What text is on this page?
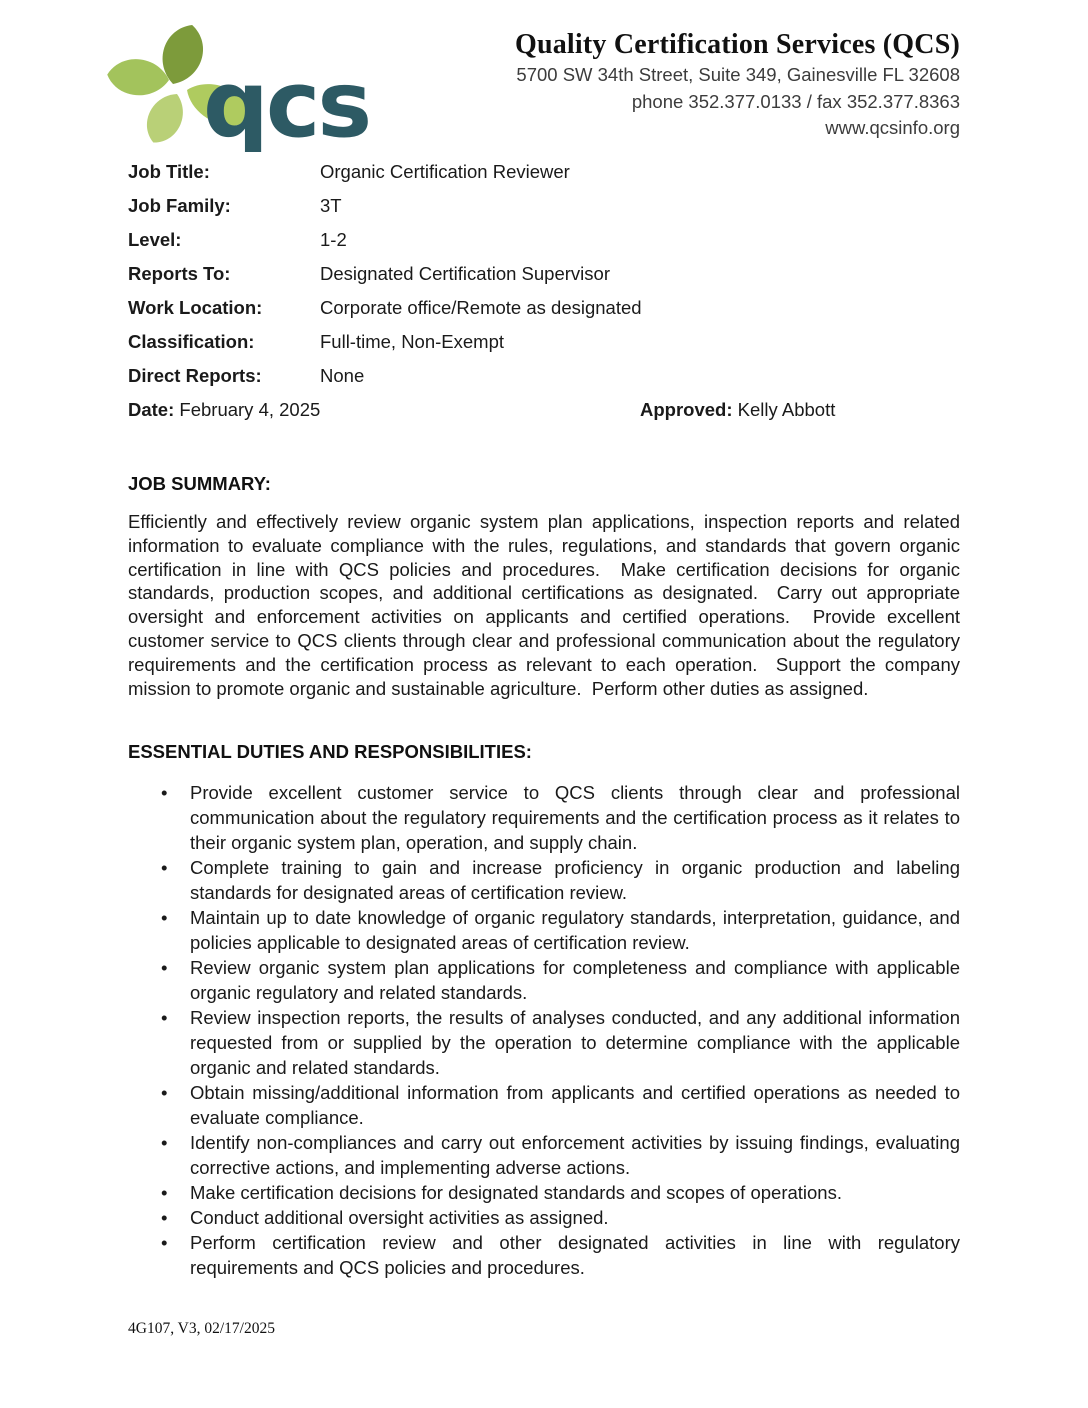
qcs
Quality Certification Services (QCS)
5700 SW 34th Street, Suite 349, Gainesville FL 32608
phone 352.377.0133 / fax 352.377.8363
www.qcsinfo.org
Job Title:	Organic Certification Reviewer
Job Family:	3T
Level:	1-2
Reports To:	Designated Certification Supervisor
Work Location:	Corporate office/Remote as designated
Classification:	Full-time, Non-Exempt
Direct Reports:	None
Date: February 4, 2025	Approved: Kelly Abbott
JOB SUMMARY:
Efficiently and effectively review organic system plan applications, inspection reports and related information to evaluate compliance with the rules, regulations, and standards that govern organic certification in line with QCS policies and procedures.  Make certification decisions for organic standards, production scopes, and additional certifications as designated.  Carry out appropriate oversight and enforcement activities on applicants and certified operations.  Provide excellent customer service to QCS clients through clear and professional communication about the regulatory requirements and the certification process as relevant to each operation.  Support the company mission to promote organic and sustainable agriculture.  Perform other duties as assigned.
ESSENTIAL DUTIES AND RESPONSIBILITIES:
• Provide excellent customer service to QCS clients through clear and professional communication about the regulatory requirements and the certification process as it relates to their organic system plan, operation, and supply chain.
• Complete training to gain and increase proficiency in organic production and labeling standards for designated areas of certification review.
• Maintain up to date knowledge of organic regulatory standards, interpretation, guidance, and policies applicable to designated areas of certification review.
• Review organic system plan applications for completeness and compliance with applicable organic regulatory and related standards.
• Review inspection reports, the results of analyses conducted, and any additional information requested from or supplied by the operation to determine compliance with the applicable organic and related standards.
• Obtain missing/additional information from applicants and certified operations as needed to evaluate compliance.
• Identify non-compliances and carry out enforcement activities by issuing findings, evaluating corrective actions, and implementing adverse actions.
• Make certification decisions for designated standards and scopes of operations.
• Conduct additional oversight activities as assigned.
• Perform certification review and other designated activities in line with regulatory requirements and QCS policies and procedures.
4G107, V3, 02/17/2025
